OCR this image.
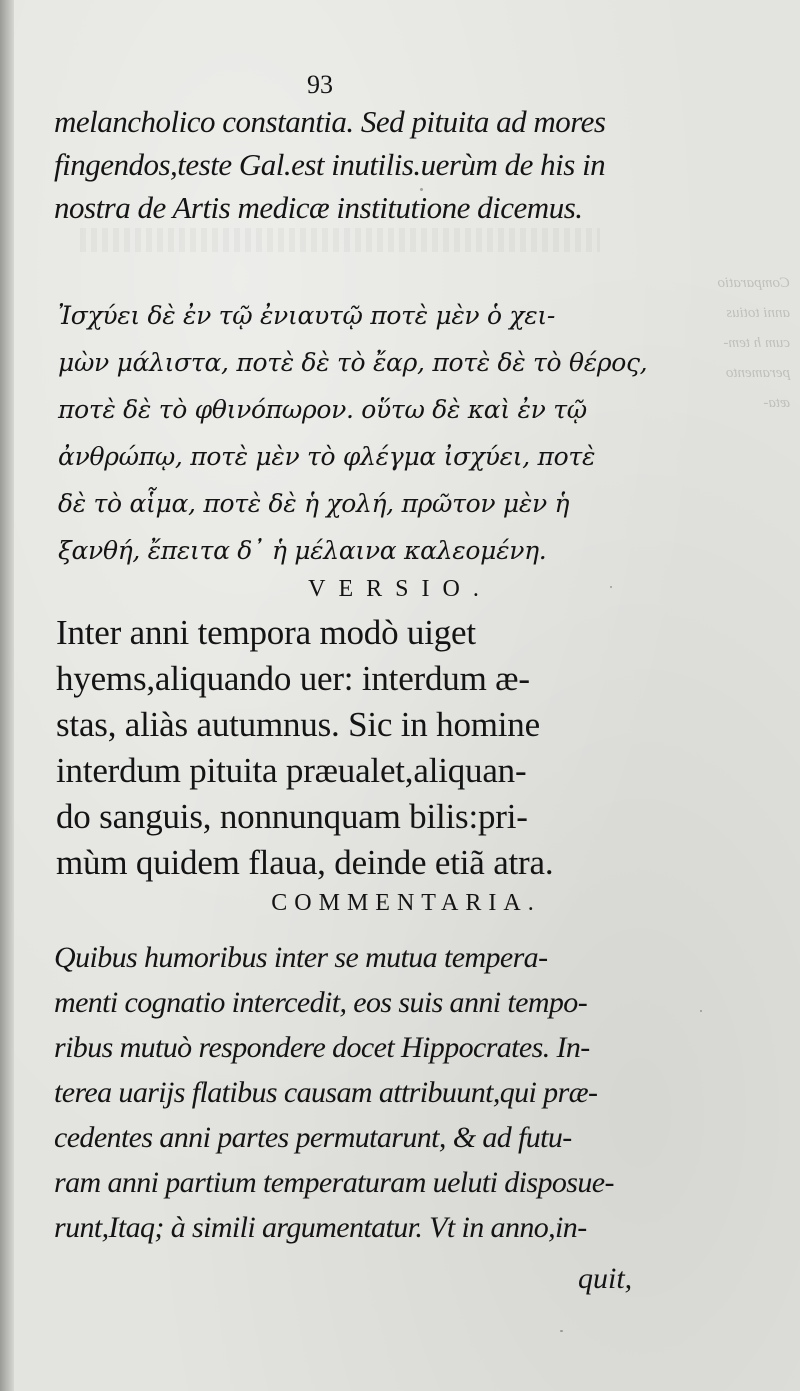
Comparatio
anni totius
cum h tem-
peramento
æta-
93
melancholico constantia. Sed pituita ad mores
fingendos,teste Gal.est inutilis.uerùm de his in
nostra de Artis medicæ institutione dicemus.
Ἰσχύει δὲ ἐν τῷ ἐνιαυτῷ ποτὲ μὲν ὁ χει-
μὼν μάλιστα, ποτὲ δὲ τὸ ἔαρ, ποτὲ δὲ τὸ θέρος,
ποτὲ δὲ τὸ φθινόπωρον. οὕτω δὲ καὶ ἐν τῷ
ἀνθρώπῳ, ποτὲ μὲν τὸ φλέγμα ἰσχύει, ποτὲ
δὲ τὸ αἷμα, ποτὲ δὲ ἡ χολή, πρῶτον μὲν ἡ
ξανθή, ἔπειτα δ᾽ ἡ μέλαινα καλεομένη.
VERSIO.
Inter anni tempora modò uiget
hyems,aliquando uer: interdum æ-
stas, aliàs autumnus. Sic in homine
interdum pituita præualet,aliquan-
do sanguis, nonnunquam bilis:pri-
mùm quidem flaua, deinde etiã atra.
COMMENTARIA.
Quibus humoribus inter se mutua tempera-
menti cognatio intercedit, eos suis anni tempo-
ribus mutuò respondere docet Hippocrates. In-
terea uarijs flatibus causam attribuunt,qui præ-
cedentes anni partes permutarunt, & ad futu-
ram anni partium temperaturam ueluti disposue-
runt,Itaq; à simili argumentatur. Vt in anno,in-
quit,
